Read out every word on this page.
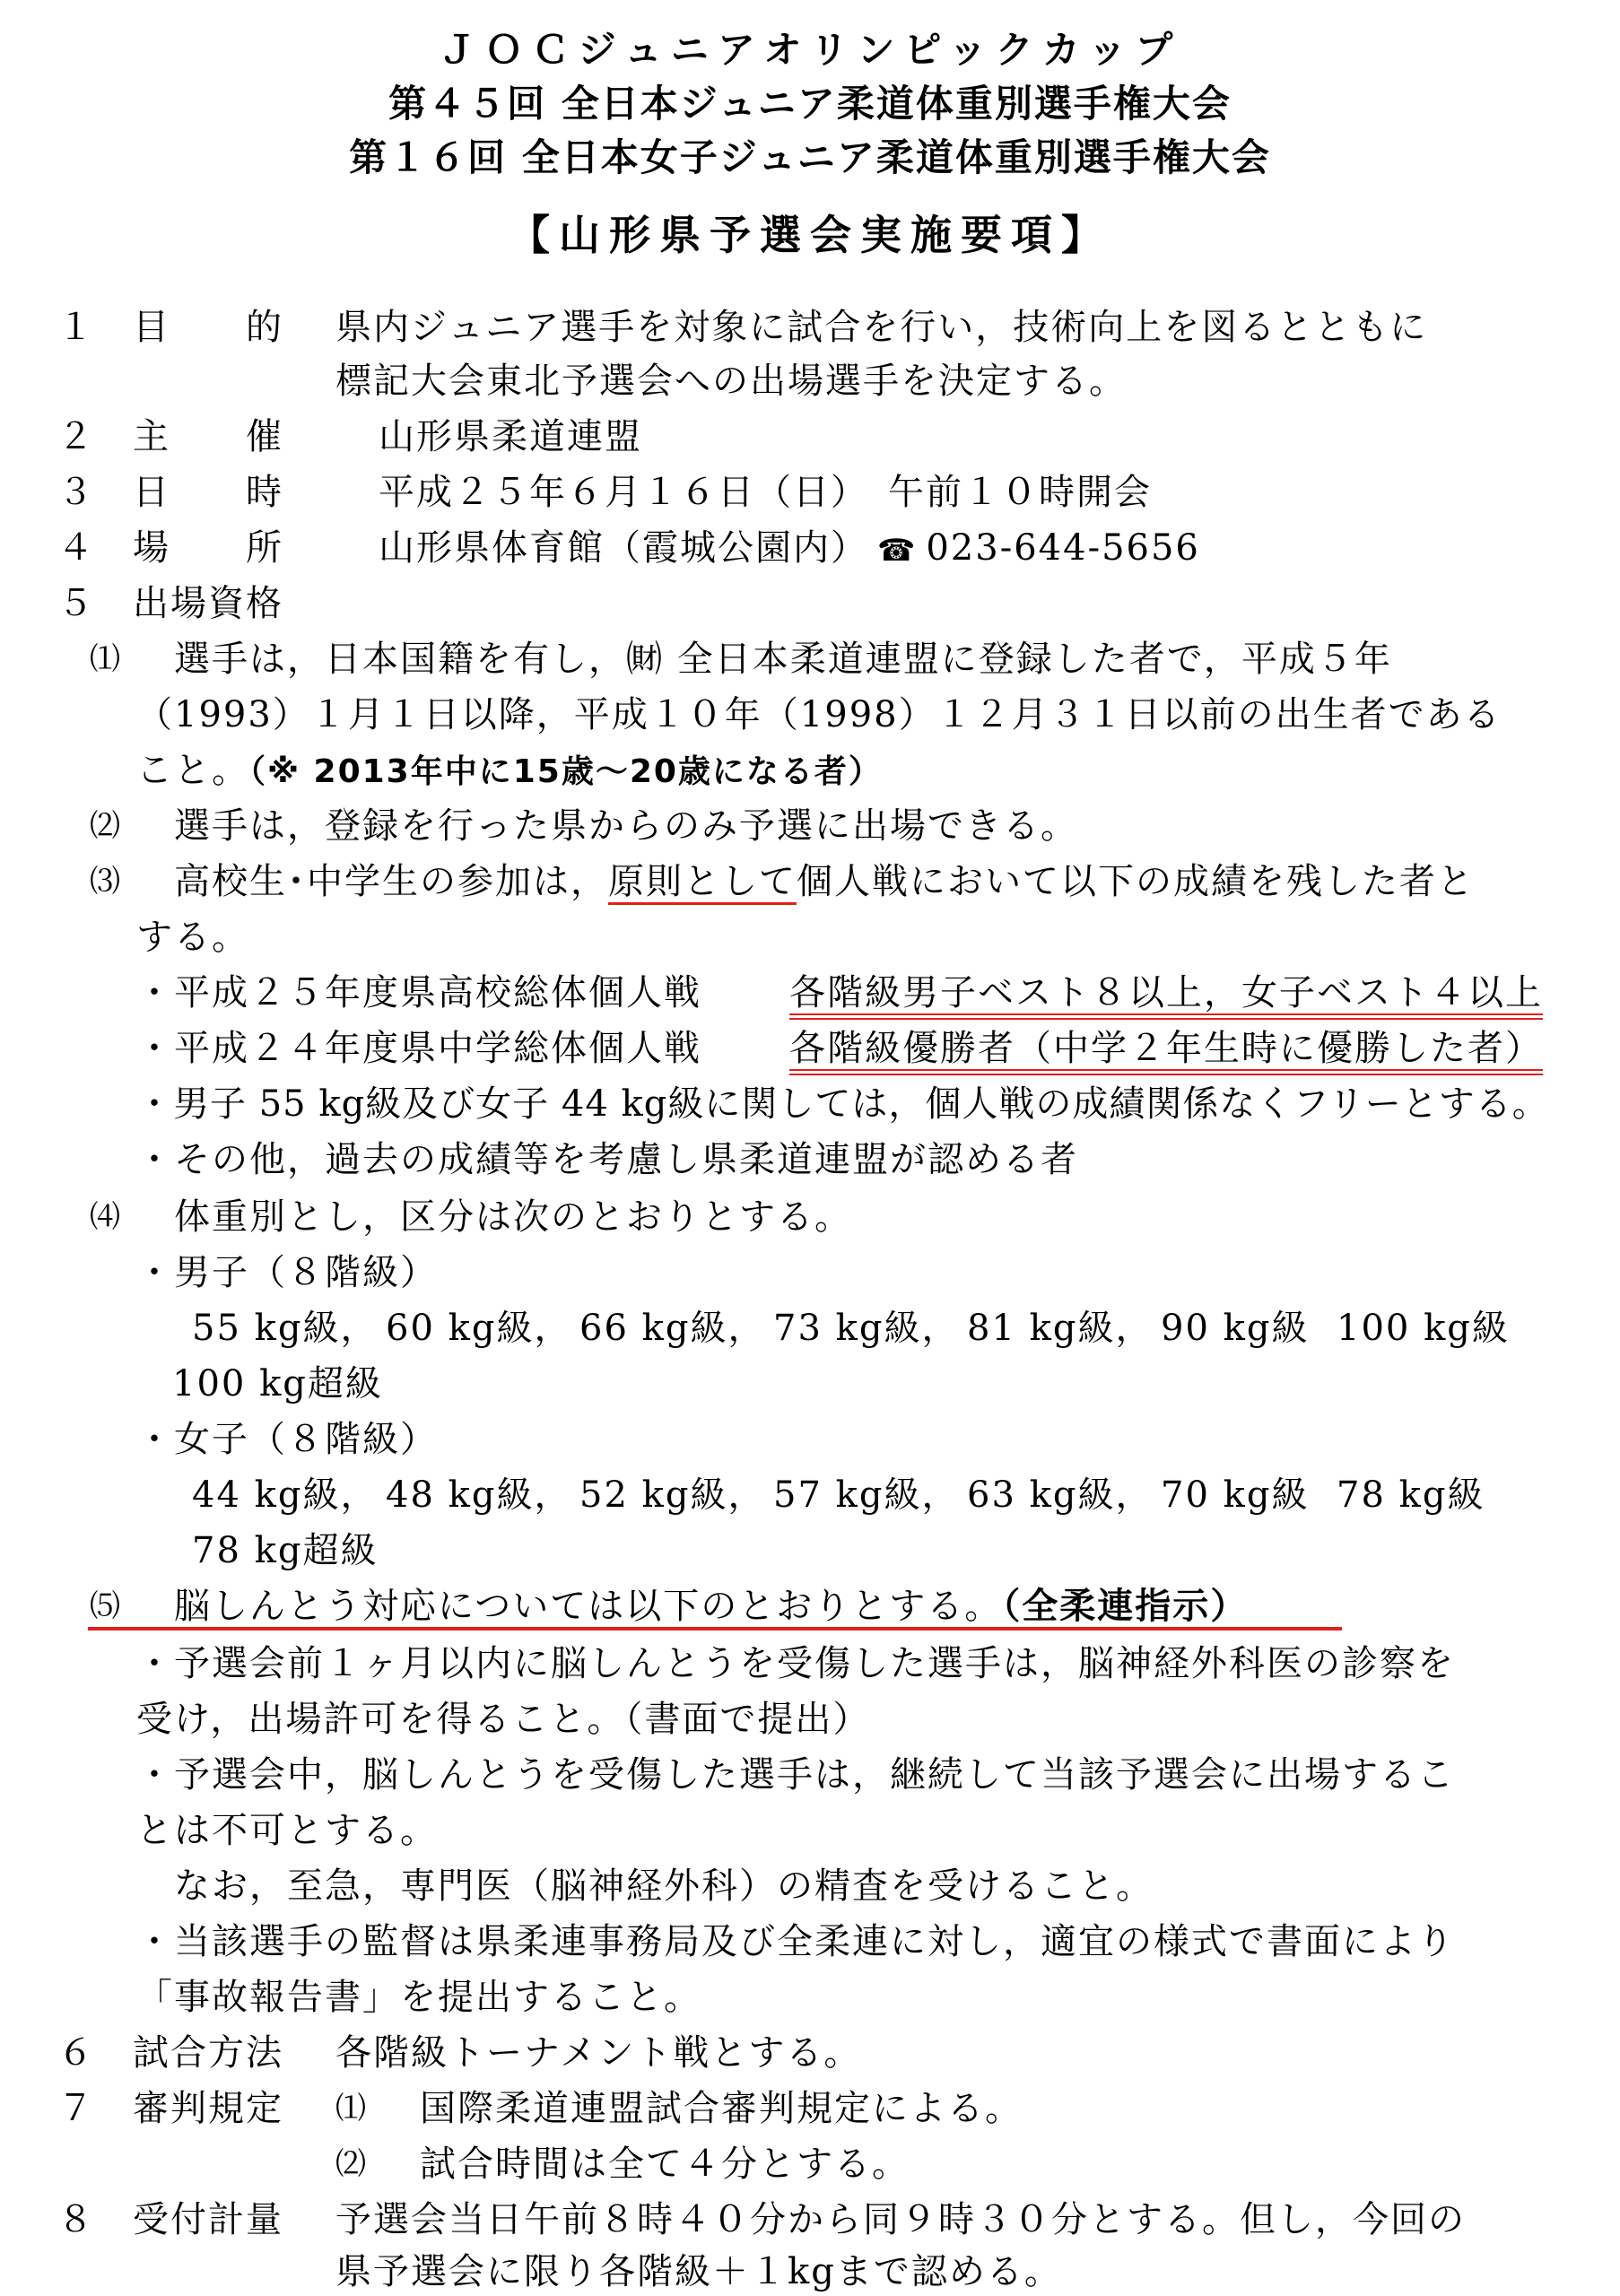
ＪＯＣジュニアオリンピックカップ
第４５回 全日本ジュニア柔道体重別選手権大会
第１６回 全日本女子ジュニア柔道体重別選手権大会
【山形県予選会実施要項】
１ 目　　的 県内ジュニア選手を対象に試合を行い，技術向上を図るとともに
標記大会東北予選会への出場選手を決定する。
２ 主　　催	山形県柔道連盟
３ 日　　時	平成２５年６月１６日（日）　午前１０時開会
４ 場　　所	山形県体育館（霞城公園内） ☎ 023-644-5656
５ 出場資格
⑴ 選手は，日本国籍を有し，㈶ 全日本柔道連盟に登録した者で，平成５年
（1993）１月１日以降，平成１０年（1998）１２月３１日以前の出生者である
こと。（※ 2013年中に15歳～20歳になる者）
⑵ 選手は，登録を行った県からのみ予選に出場できる。
⑶ 高校生･中学生の参加は，原則として個人戦において以下の成績を残した者と
する。
・平成２５年度県高校総体個人戦 各階級男子ベスト８以上，女子ベスト４以上
・平成２４年度県中学総体個人戦 各階級優勝者（中学２年生時に優勝した者）
・男子 55 kg級及び女子 44 kg級に関しては，個人戦の成績関係なくフリーとする。
・その他，過去の成績等を考慮し県柔道連盟が認める者
⑷ 体重別とし，区分は次のとおりとする。
・男子（８階級）
55 kg級， 60 kg級， 66 kg級， 73 kg級， 81 kg級， 90 kg級 100 kg級
100 kg超級
・女子（８階級）
44 kg級， 48 kg級， 52 kg級， 57 kg級， 63 kg級， 70 kg級 78 kg級
78 kg超級
⑸ 脳しんとう対応については以下のとおりとする。（全柔連指示）
・予選会前１ヶ月以内に脳しんとうを受傷した選手は，脳神経外科医の診察を
受け，出場許可を得ること。（書面で提出）
・予選会中，脳しんとうを受傷した選手は，継続して当該予選会に出場するこ
とは不可とする。
なお，至急，専門医（脳神経外科）の精査を受けること。
・当該選手の監督は県柔連事務局及び全柔連に対し，適宜の様式で書面により
「事故報告書」を提出すること。
６ 試合方法 各階級トーナメント戦とする。
７ 審判規定 ⑴ 国際柔道連盟試合審判規定による。
⑵ 試合時間は全て４分とする。
８ 受付計量 予選会当日午前８時４０分から同９時３０分とする。但し，今回の
県予選会に限り各階級＋１kgまで認める。
